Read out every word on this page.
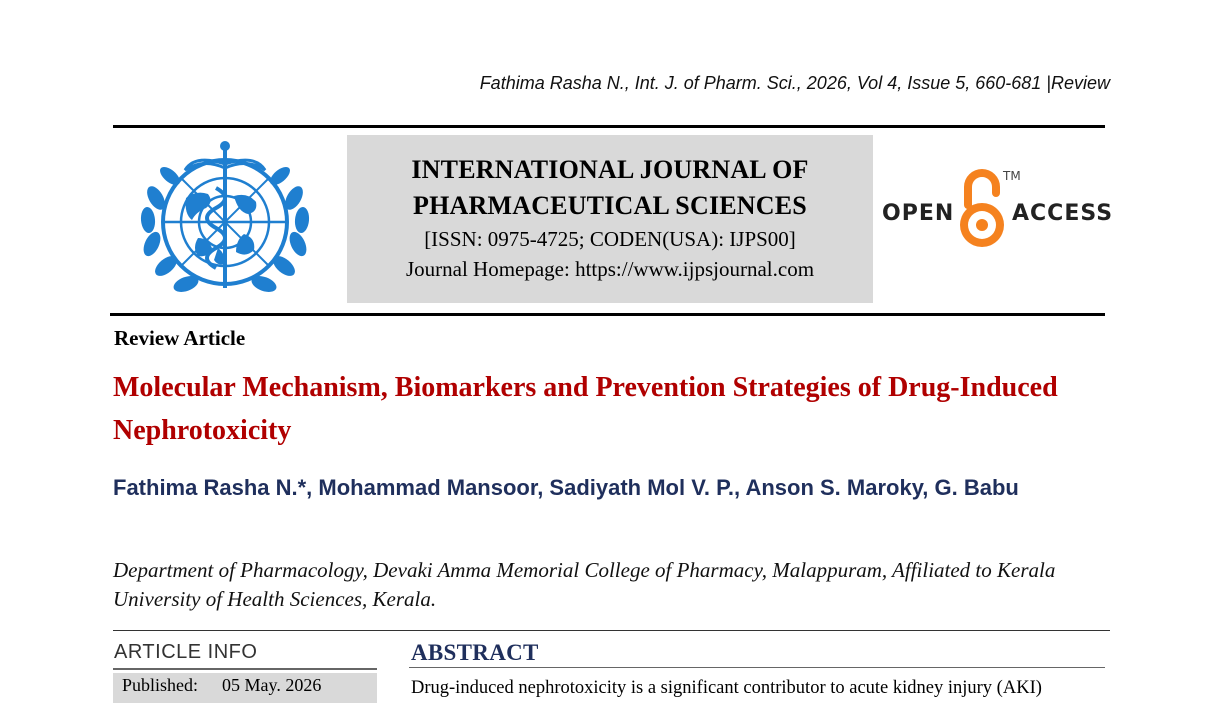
Fathima Rasha N., Int. J. of Pharm. Sci., 2026, Vol 4, Issue 5, 660-681 |Review
INTERNATIONAL JOURNAL OF
PHARMACEUTICAL SCIENCES
[ISSN: 0975-4725; CODEN(USA): IJPS00]
Journal Homepage: https://www.ijpsjournal.com
OPEN	ACCESS
TM
Review Article
Molecular Mechanism, Biomarkers and Prevention Strategies of Drug-Induced Nephrotoxicity
Fathima Rasha N.*, Mohammad Mansoor, Sadiyath Mol V. P., Anson S. Maroky, G. Babu
Department of Pharmacology, Devaki Amma Memorial College of Pharmacy, Malappuram, Affiliated to Kerala University of Health Sciences, Kerala.
ARTICLE INFO
Published: 05 May. 2026
ABSTRACT
Drug-induced nephrotoxicity is a significant contributor to acute kidney injury (AKI)
